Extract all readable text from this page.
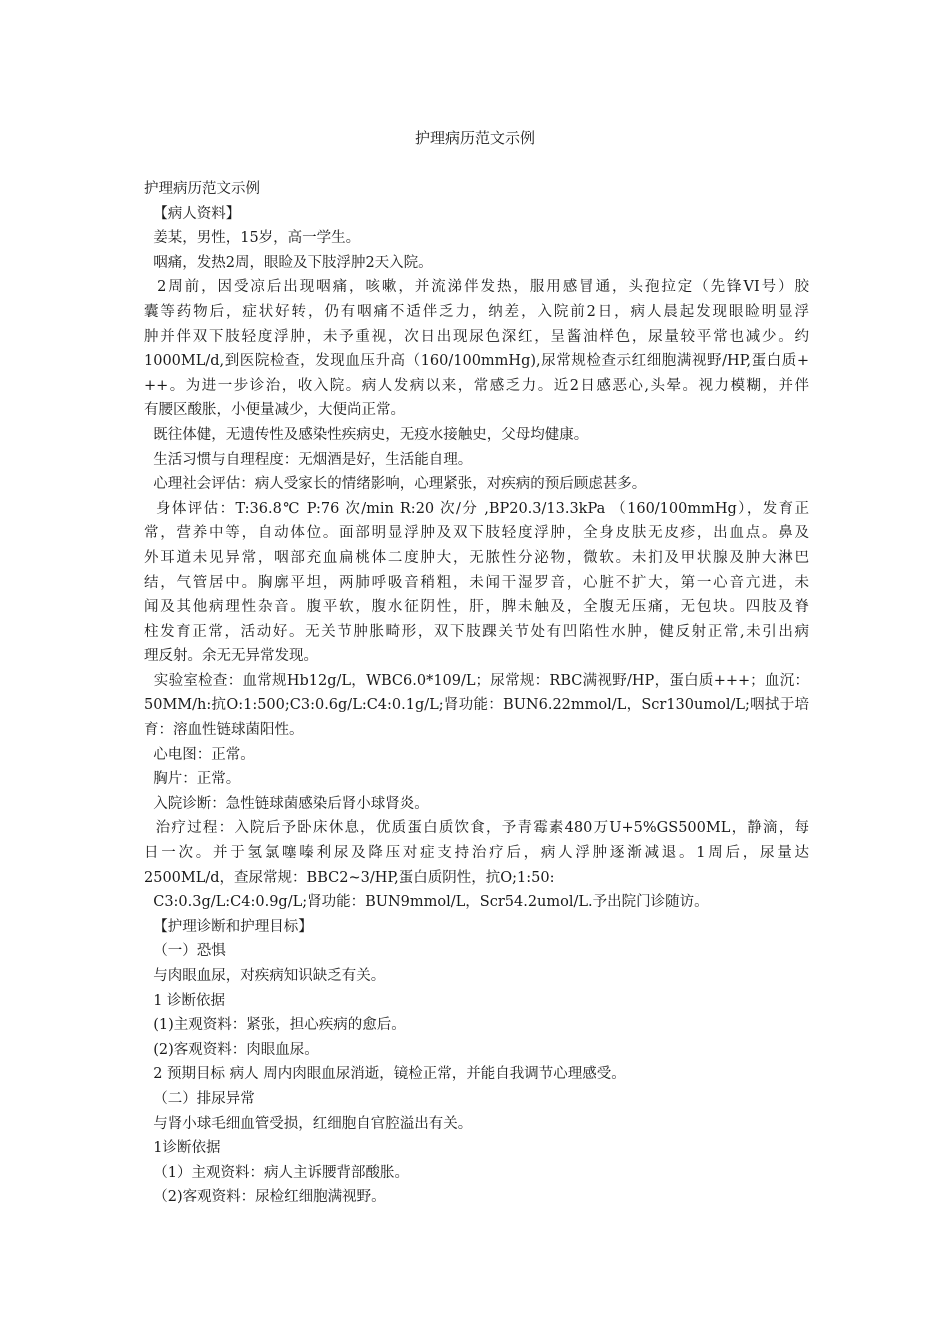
护理病历范文示例
护理病历范文示例
【病人资料】
姜某，男性，15岁，高一学生。
咽痛，发热2周，眼睑及下肢浮肿2天入院。
2周前，因受凉后出现咽痛，咳嗽，并流涕伴发热，服用感冒通，头孢拉定（先锋VI号）胶
囊等药物后，症状好转，仍有咽痛不适伴乏力，纳差，入院前2日，病人晨起发现眼睑明显浮
肿并伴双下肢轻度浮肿，未予重视，次日出现尿色深红，呈酱油样色，尿量较平常也减少。约
1000ML/d,到医院检查，发现血压升高（160/100mmHg),尿常规检查示红细胞满视野/HP,蛋白质+
++。为进一步诊治，收入院。病人发病以来，常感乏力。近2日感恶心,头晕。视力模糊，并伴
有腰区酸胀，小便量减少，大便尚正常。
既往体健，无遗传性及感染性疾病史，无疫水接触史，父母均健康。
生活习惯与自理程度：无烟酒是好，生活能自理。
心理社会评估：病人受家长的情绪影响，心理紧张，对疾病的预后顾虑甚多。
身体评估：T:36.8℃ P:76 次/min R:20 次/分 ,BP20.3/13.3kPa （160/100mmHg），发育正
常，营养中等，自动体位。面部明显浮肿及双下肢轻度浮肿，全身皮肤无皮疹，出血点。鼻及
外耳道未见异常，咽部充血扁桃体二度肿大，无脓性分泌物，微软。未扪及甲状腺及肿大淋巴
结，气管居中。胸廓平坦，两肺呼吸音稍粗，未闻干湿罗音，心脏不扩大，第一心音亢进，未
闻及其他病理性杂音。腹平软，腹水征阴性，肝，脾未触及，全腹无压痛，无包块。四肢及脊
柱发育正常，活动好。无关节肿胀畸形，双下肢踝关节处有凹陷性水肿，健反射正常,未引出病
理反射。余无无异常发现。
实验室检查：血常规Hb12g/L，WBC6.0*109/L；尿常规：RBC满视野/HP，蛋白质+++；血沉：
50MM/h:抗O:1:500;C3:0.6g/L:C4:0.1g/L;肾功能：BUN6.22mmol/L，Scr130umol/L;咽拭于培
育：溶血性链球菌阳性。
心电图：正常。
胸片：正常。
入院诊断：急性链球菌感染后肾小球肾炎。
治疗过程：入院后予卧床休息，优质蛋白质饮食，予青霉素480万U+5%GS500ML，静滴，每
日一次。并于氢氯噻嗪利尿及降压对症支持治疗后，病人浮肿逐渐减退。1周后，尿量达
2500ML/d，查尿常规：BBC2~3/HP,蛋白质阴性，抗O;1:50:
C3:0.3g/L:C4:0.9g/L;肾功能：BUN9mmol/L，Scr54.2umol/L.予出院门诊随访。
【护理诊断和护理目标】
（一）恐惧
与肉眼血尿，对疾病知识缺乏有关。
1 诊断依据
(1)主观资料：紧张，担心疾病的愈后。
(2)客观资料：肉眼血尿。
2 预期目标 病人 周内肉眼血尿消逝，镜检正常，并能自我调节心理感受。
（二）排尿异常
与肾小球毛细血管受损，红细胞自官腔溢出有关。
1诊断依据
（1）主观资料：病人主诉腰背部酸胀。
（2)客观资料：尿检红细胞满视野。
